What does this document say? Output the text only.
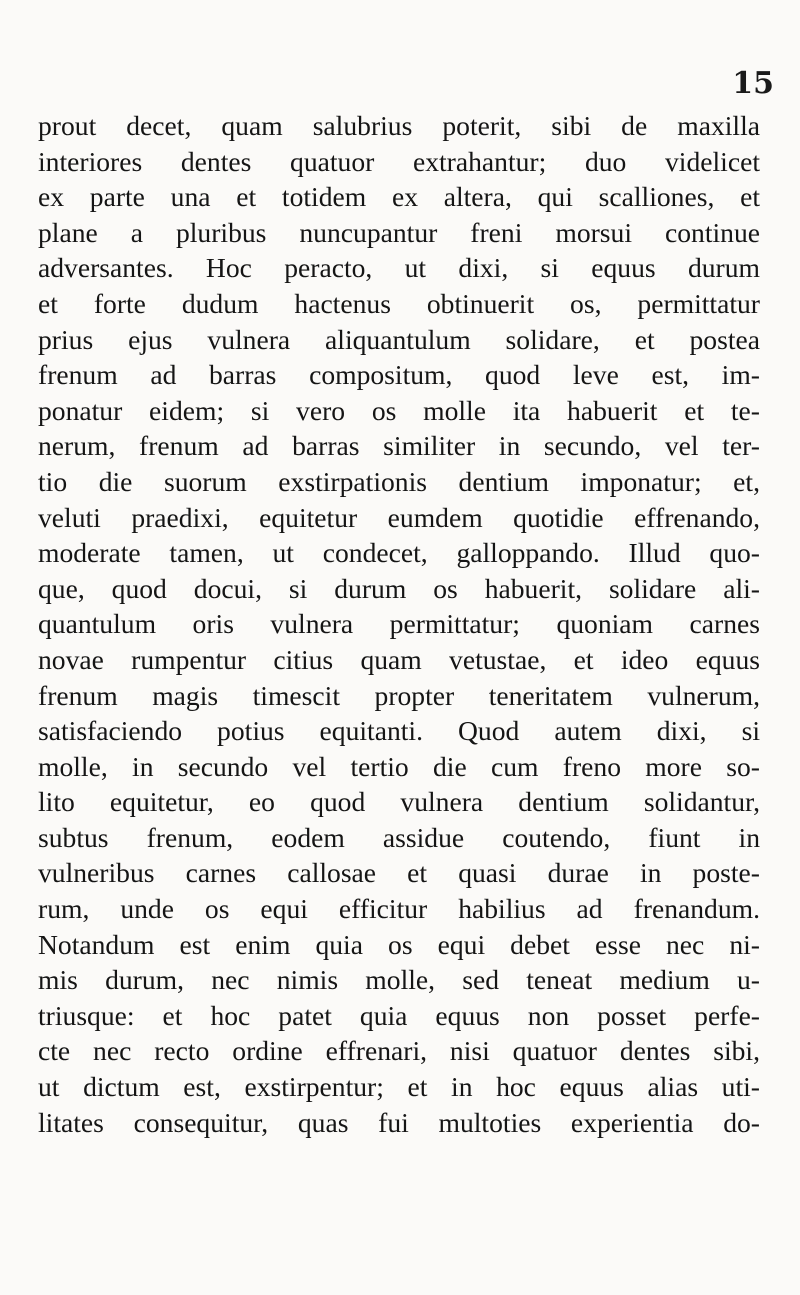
15
prout decet, quam salubrius poterit, sibi de maxilla
interiores dentes quatuor extrahantur; duo videlicet
ex parte una et totidem ex altera, qui scalliones, et
plane a pluribus nuncupantur freni morsui continue
adversantes. Hoc peracto, ut dixi, si equus durum
et forte dudum hactenus obtinuerit os, permittatur
prius ejus vulnera aliquantulum solidare, et postea
frenum ad barras compositum, quod leve est, im-
ponatur eidem; si vero os molle ita habuerit et te-
nerum, frenum ad barras similiter in secundo, vel ter-
tio die suorum exstirpationis dentium imponatur; et,
veluti praedixi, equitetur eumdem quotidie effrenando,
moderate tamen, ut condecet, galloppando. Illud quo-
que, quod docui, si durum os habuerit, solidare ali-
quantulum oris vulnera permittatur; quoniam carnes
novae rumpentur citius quam vetustae, et ideo equus
frenum magis timescit propter teneritatem vulnerum,
satisfaciendo potius equitanti. Quod autem dixi, si
molle, in secundo vel tertio die cum freno more so-
lito equitetur, eo quod vulnera dentium solidantur,
subtus frenum, eodem assidue coutendo, fiunt in
vulneribus carnes callosae et quasi durae in poste-
rum, unde os equi efficitur habilius ad frenandum.
Notandum est enim quia os equi debet esse nec ni-
mis durum, nec nimis molle, sed teneat medium u-
triusque: et hoc patet quia equus non posset perfe-
cte nec recto ordine effrenari, nisi quatuor dentes sibi,
ut dictum est, exstirpentur; et in hoc equus alias uti-
litates consequitur, quas fui multoties experientia do-
